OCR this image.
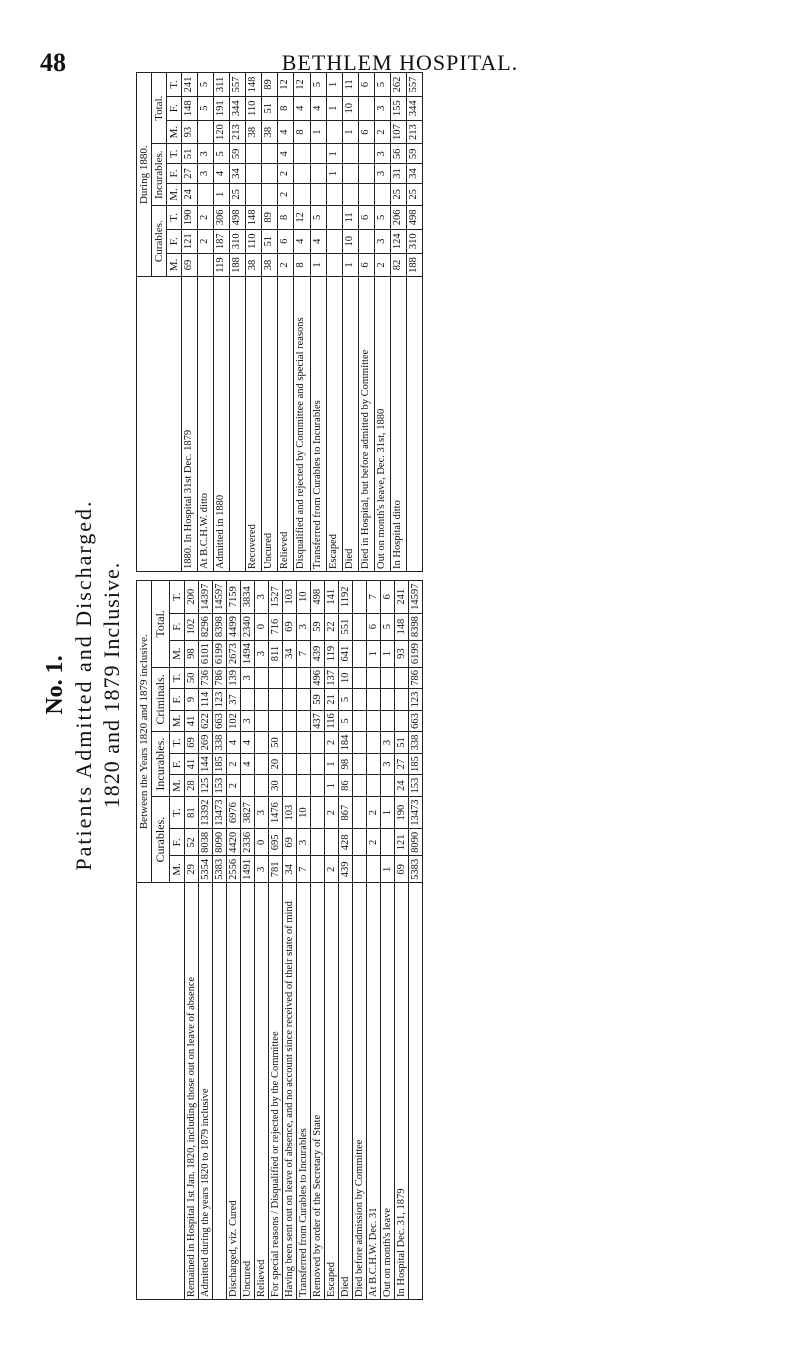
48	BETHLEM HOSPITAL.
No. 1. Patients Admitted and Discharged. 1820 and 1879 Inclusive.
	Between the Years 1820 and 1879 inclusive.											
	Curables.			Incurables.			Criminals.			Total.		
	M.	F.	T.	M.	F.	T.	M.	F.	T.	M.	F.	T.
Remained in Hospital 1st Jan. 1820, including those out on leave of absence	29	52	81	28	41	69	41	9	50	98	102	200
Admitted during the years 1820 to 1879 inclusive	5354	8038	13392	125	144	269	622	114	736	6101	8296	14397
	5383	8090	13473	153	185	338	663	123	786	6199	8398	14597
Discharged, viz. Cured	2556	4420	6976	2	2	4	102	37	139	2673	4499	7159
Uncured	1491	2336	3827		4	4	3		3	1494	2340	3834
Relieved	3	0	3							3	0	3
For special reasons / Disqualified or rejected by the Committee	781	695	1476	30	20	50				811	716	1527
Having been sent out on leave of absence, and no account since received of their state of mind	34	69	103							34	69	103
Transferred from Curables to Incurables	7	3	10							7	3	10
Removed by order of the Secretary of State							437	59	496	439	59	498
Escaped	2		2	1	1	2	116	21	137	119	22	141
Died	439	428	867	86	98	184	5	5	10	641	551	1192
Died before admission by Committee												
At B.C.H.W. Dec. 31		2	2							1	6	7
Out on month's leave	1		1		3	3				1	5	6
In Hospital Dec. 31, 1879	69	121	190	24	27	51				93	148	241
	5383	8090	13473	153	185	338	663	123	786	6199	8398	14597
	During 1880.								
	Curables.			Incurables.			Total.		
	M.	F.	T.	M.	F.	T.	M.	F.	T.
1880. In Hospital 31st Dec. 1879	69	121	190	24	27	51	93	148	241
At B.C.H.W. ditto		2	2		3	3		5	5
Admitted in 1880	119	187	306	1	4	5	120	191	311
	188	310	498	25	34	59	213	344	557
Recovered	38	110	148				38	110	148
Uncured	38	51	89				38	51	89
Relieved	2	6	8	2	2	4	4	8	12
Disqualified and rejected by Committee and special reasons	8	4	12				8	4	12
Transferred from Curables to Incurables	1	4	5				1	4	5
Escaped					1	1		1	1
Died	1	10	11				1	10	11
Died in Hospital, but before admitted by Committee	6		6				6		6
Out on month's leave, Dec. 31st, 1880	2	3	5		3	3	2	3	5
In Hospital ditto	82	124	206	25	31	56	107	155	262
	188	310	498	25	34	59	213	344	557
